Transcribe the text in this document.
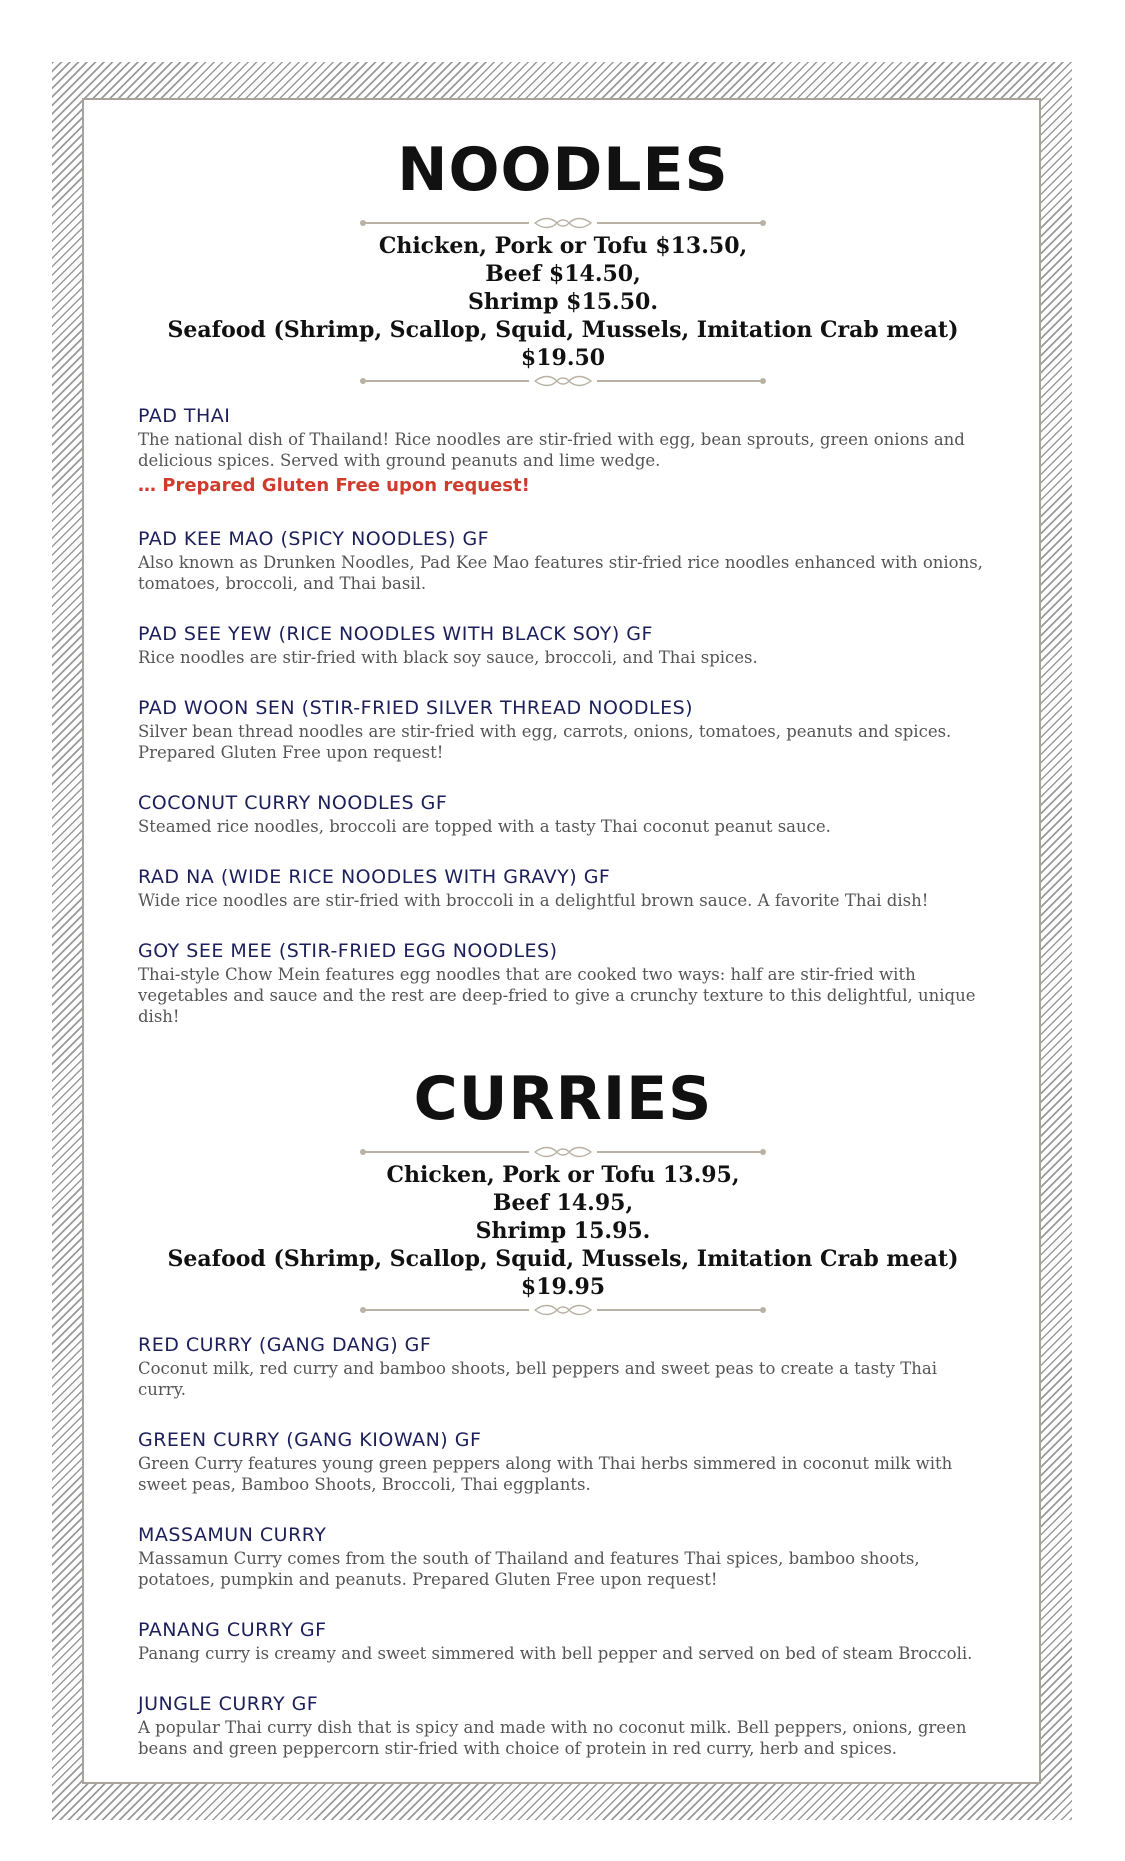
NOODLES
Chicken, Pork or Tofu $13.50,
Beef $14.50,
Shrimp $15.50.
Seafood (Shrimp, Scallop, Squid, Mussels, Imitation Crab meat) $19.50
PAD THAI
The national dish of Thailand! Rice noodles are stir-fried with egg, bean sprouts, green onions and delicious spices. Served with ground peanuts and lime wedge.
… Prepared Gluten Free upon request!
PAD KEE MAO (SPICY NOODLES) GF
Also known as Drunken Noodles, Pad Kee Mao features stir-fried rice noodles enhanced with onions, tomatoes, broccoli, and Thai basil.
PAD SEE YEW (RICE NOODLES WITH BLACK SOY) GF
Rice noodles are stir-fried with black soy sauce, broccoli, and Thai spices.
PAD WOON SEN (STIR-FRIED SILVER THREAD NOODLES)
Silver bean thread noodles are stir-fried with egg, carrots, onions, tomatoes, peanuts and spices. Prepared Gluten Free upon request!
COCONUT CURRY NOODLES GF
Steamed rice noodles, broccoli are topped with a tasty Thai coconut peanut sauce.
RAD NA (WIDE RICE NOODLES WITH GRAVY) GF
Wide rice noodles are stir-fried with broccoli in a delightful brown sauce. A favorite Thai dish!
GOY SEE MEE (STIR-FRIED EGG NOODLES)
Thai-style Chow Mein features egg noodles that are cooked two ways: half are stir-fried with vegetables and sauce and the rest are deep-fried to give a crunchy texture to this delightful, unique dish!
CURRIES
Chicken, Pork or Tofu 13.95,
Beef 14.95,
Shrimp 15.95.
Seafood (Shrimp, Scallop, Squid, Mussels, Imitation Crab meat) $19.95
RED CURRY (GANG DANG) GF
Coconut milk, red curry and bamboo shoots, bell peppers and sweet peas to create a tasty Thai curry.
GREEN CURRY (GANG KIOWAN) GF
Green Curry features young green peppers along with Thai herbs simmered in coconut milk with sweet peas, Bamboo Shoots, Broccoli, Thai eggplants.
MASSAMUN CURRY
Massamun Curry comes from the south of Thailand and features Thai spices, bamboo shoots, potatoes, pumpkin and peanuts. Prepared Gluten Free upon request!
PANANG CURRY GF
Panang curry is creamy and sweet simmered with bell pepper and served on bed of steam Broccoli.
JUNGLE CURRY GF
A popular Thai curry dish that is spicy and made with no coconut milk. Bell peppers, onions, green beans and green peppercorn stir-fried with choice of protein in red curry, herb and spices.
